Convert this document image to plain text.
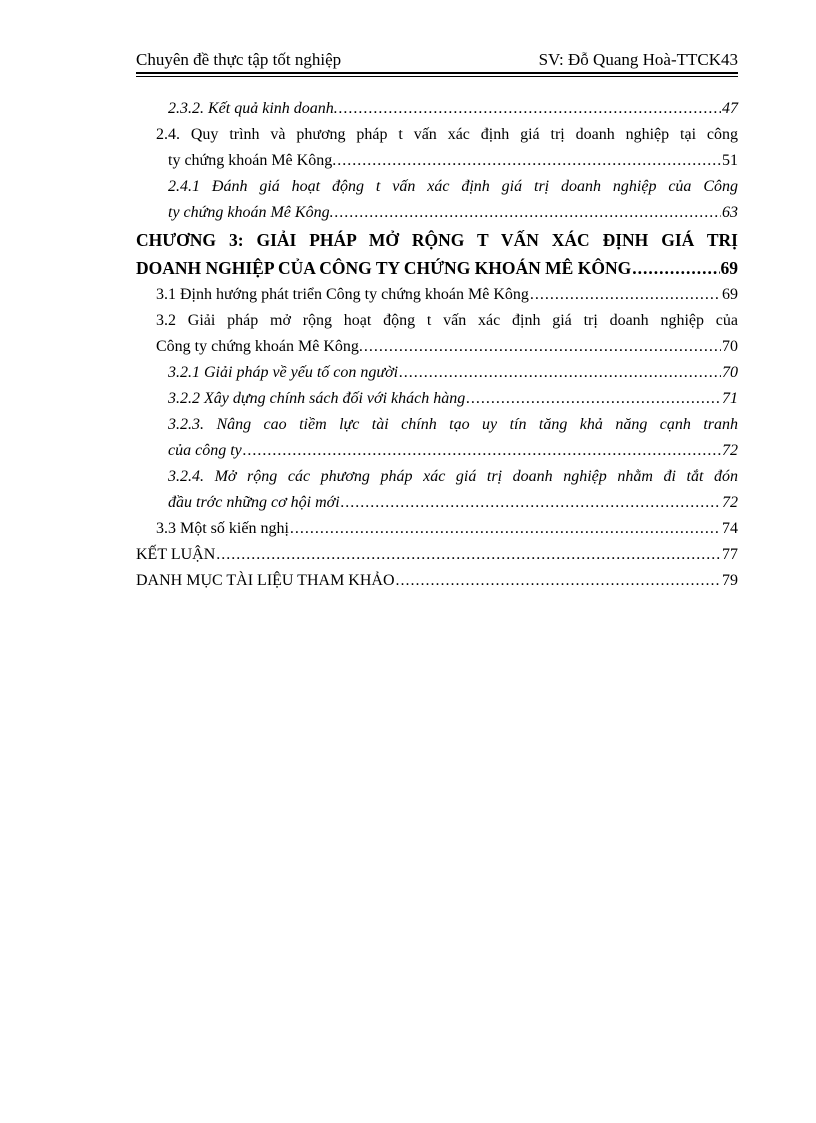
Chuyên đề thực tập tốt nghiệp	SV: Đỗ Quang Hoà-TTCK43
2.3.2. Kết quả kinh doanh. .....	47
2.4. Quy trình và phương pháp t vấn xác định giá trị doanh nghiệp tại công
ty chứng khoán Mê Kông. .....	51
2.4.1 Đánh giá hoạt động t vấn xác định giá trị doanh nghiệp của Công
ty chứng khoán Mê Kông. .....	63
CHƯƠNG 3: GIẢI PHÁP MỞ RỘNG T VẤN XÁC ĐỊNH GIÁ TRỊ
DOANH NGHIỆP CỦA CÔNG TY CHỨNG KHOÁN MÊ KÔNG .....	69
3.1 Định hướng phát triển Công ty chứng khoán Mê Kông .....	69
3.2 Giải pháp mở rộng hoạt động t vấn xác định giá trị doanh nghiệp của
Công ty chứng khoán Mê Kông. .....	70
3.2.1 Giải pháp về yếu tố con người .....	70
3.2.2 Xây dựng chính sách đối với khách hàng .....	71
3.2.3. Nâng cao tiềm lực tài chính tạo uy tín tăng khả năng cạnh tranh
của công ty .....	72
3.2.4. Mở rộng các phương pháp xác giá trị doanh nghiệp nhằm đi tắt đón
đầu trớc những cơ hội mới .....	72
3.3 Một số kiến nghị .....	74
KẾT LUẬN .....	77
DANH MỤC TÀI LIỆU THAM KHẢO .....	79
